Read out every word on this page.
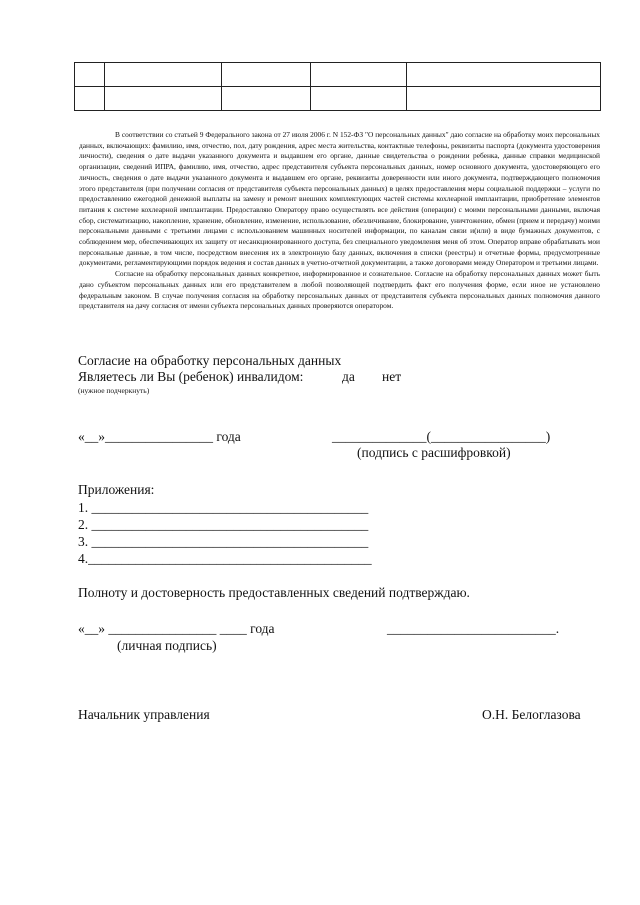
В соответствии со статьей 9 Федерального закона от 27 июля 2006 г. N 152-ФЗ "О персональных данных" даю согласие на обработку моих персональных данных, включающих: фамилию, имя, отчество, пол, дату рождения, адрес места жительства, контактные телефоны, реквизиты паспорта (документа удостоверения личности), сведения о дате выдачи указанного документа и выдавшем его органе, данные свидетельства о рождении ребенка, данные справки медицинской организации, сведений ИПРА, фамилию, имя, отчество, адрес представителя субъекта персональных данных, номер основного документа, удостоверяющего его личность, сведения о дате выдачи указанного документа и выдавшем его органе, реквизиты доверенности или иного документа, подтверждающего полномочия этого представителя (при получении согласия от представителя субъекта персональных данных) в целях предоставления меры социальной поддержки – услуги по предоставлению ежегодной денежной выплаты на замену и ремонт внешних комплектующих частей системы кохлеарной имплантации, приобретение элементов питания к системе кохлеарной имплантации. Предоставляю Оператору право осуществлять все действия (операции) с моими персональными данными, включая сбор, систематизацию, накопление, хранение, обновление, изменение, использование, обезличивание, блокирование, уничтожение, обмен (прием и передачу) моими персональными данными с третьими лицами с использованием машинных носителей информации, по каналам связи и(или) в виде бумажных документов, с соблюдением мер, обеспечивающих их защиту от несанкционированного доступа, без специального уведомления меня об этом. Оператор вправе обрабатывать мои персональные данные, в том числе, посредством внесения их в электронную базу данных, включения в списки (реестры) и отчетные формы, предусмотренные документами, регламентирующими порядок ведения и состав данных в учетно-отчетной документации, а также договорами между Оператором и третьими лицами.

Согласие на обработку персональных данных конкретное, информированное и сознательное. Согласие на обработку персональных данных может быть дано субъектом персональных данных или его представителем в любой позволяющей подтвердить факт его получения форме, если иное не установлено федеральным законом. В случае получения согласия на обработку персональных данных от представителя субъекта персональных данных полномочия данного представителя на дачу согласия от имени субъекта персональных данных проверяются оператором.

Согласие на обработку персональных данных
Являетесь ли Вы (ребенок) инвалидом:	да нет
(нужное подчеркнуть)
«__»________________ года	______________(_________________)
(подпись с расшифровкой)
Приложения:
1. _________________________________________
2. _________________________________________
3. _________________________________________
4.__________________________________________
Полноту и достоверность предоставленных сведений подтверждаю.
«__» ________________ ____ года	_________________________.
(личная подпись)
Начальник управления	О.Н. Белоглазова
